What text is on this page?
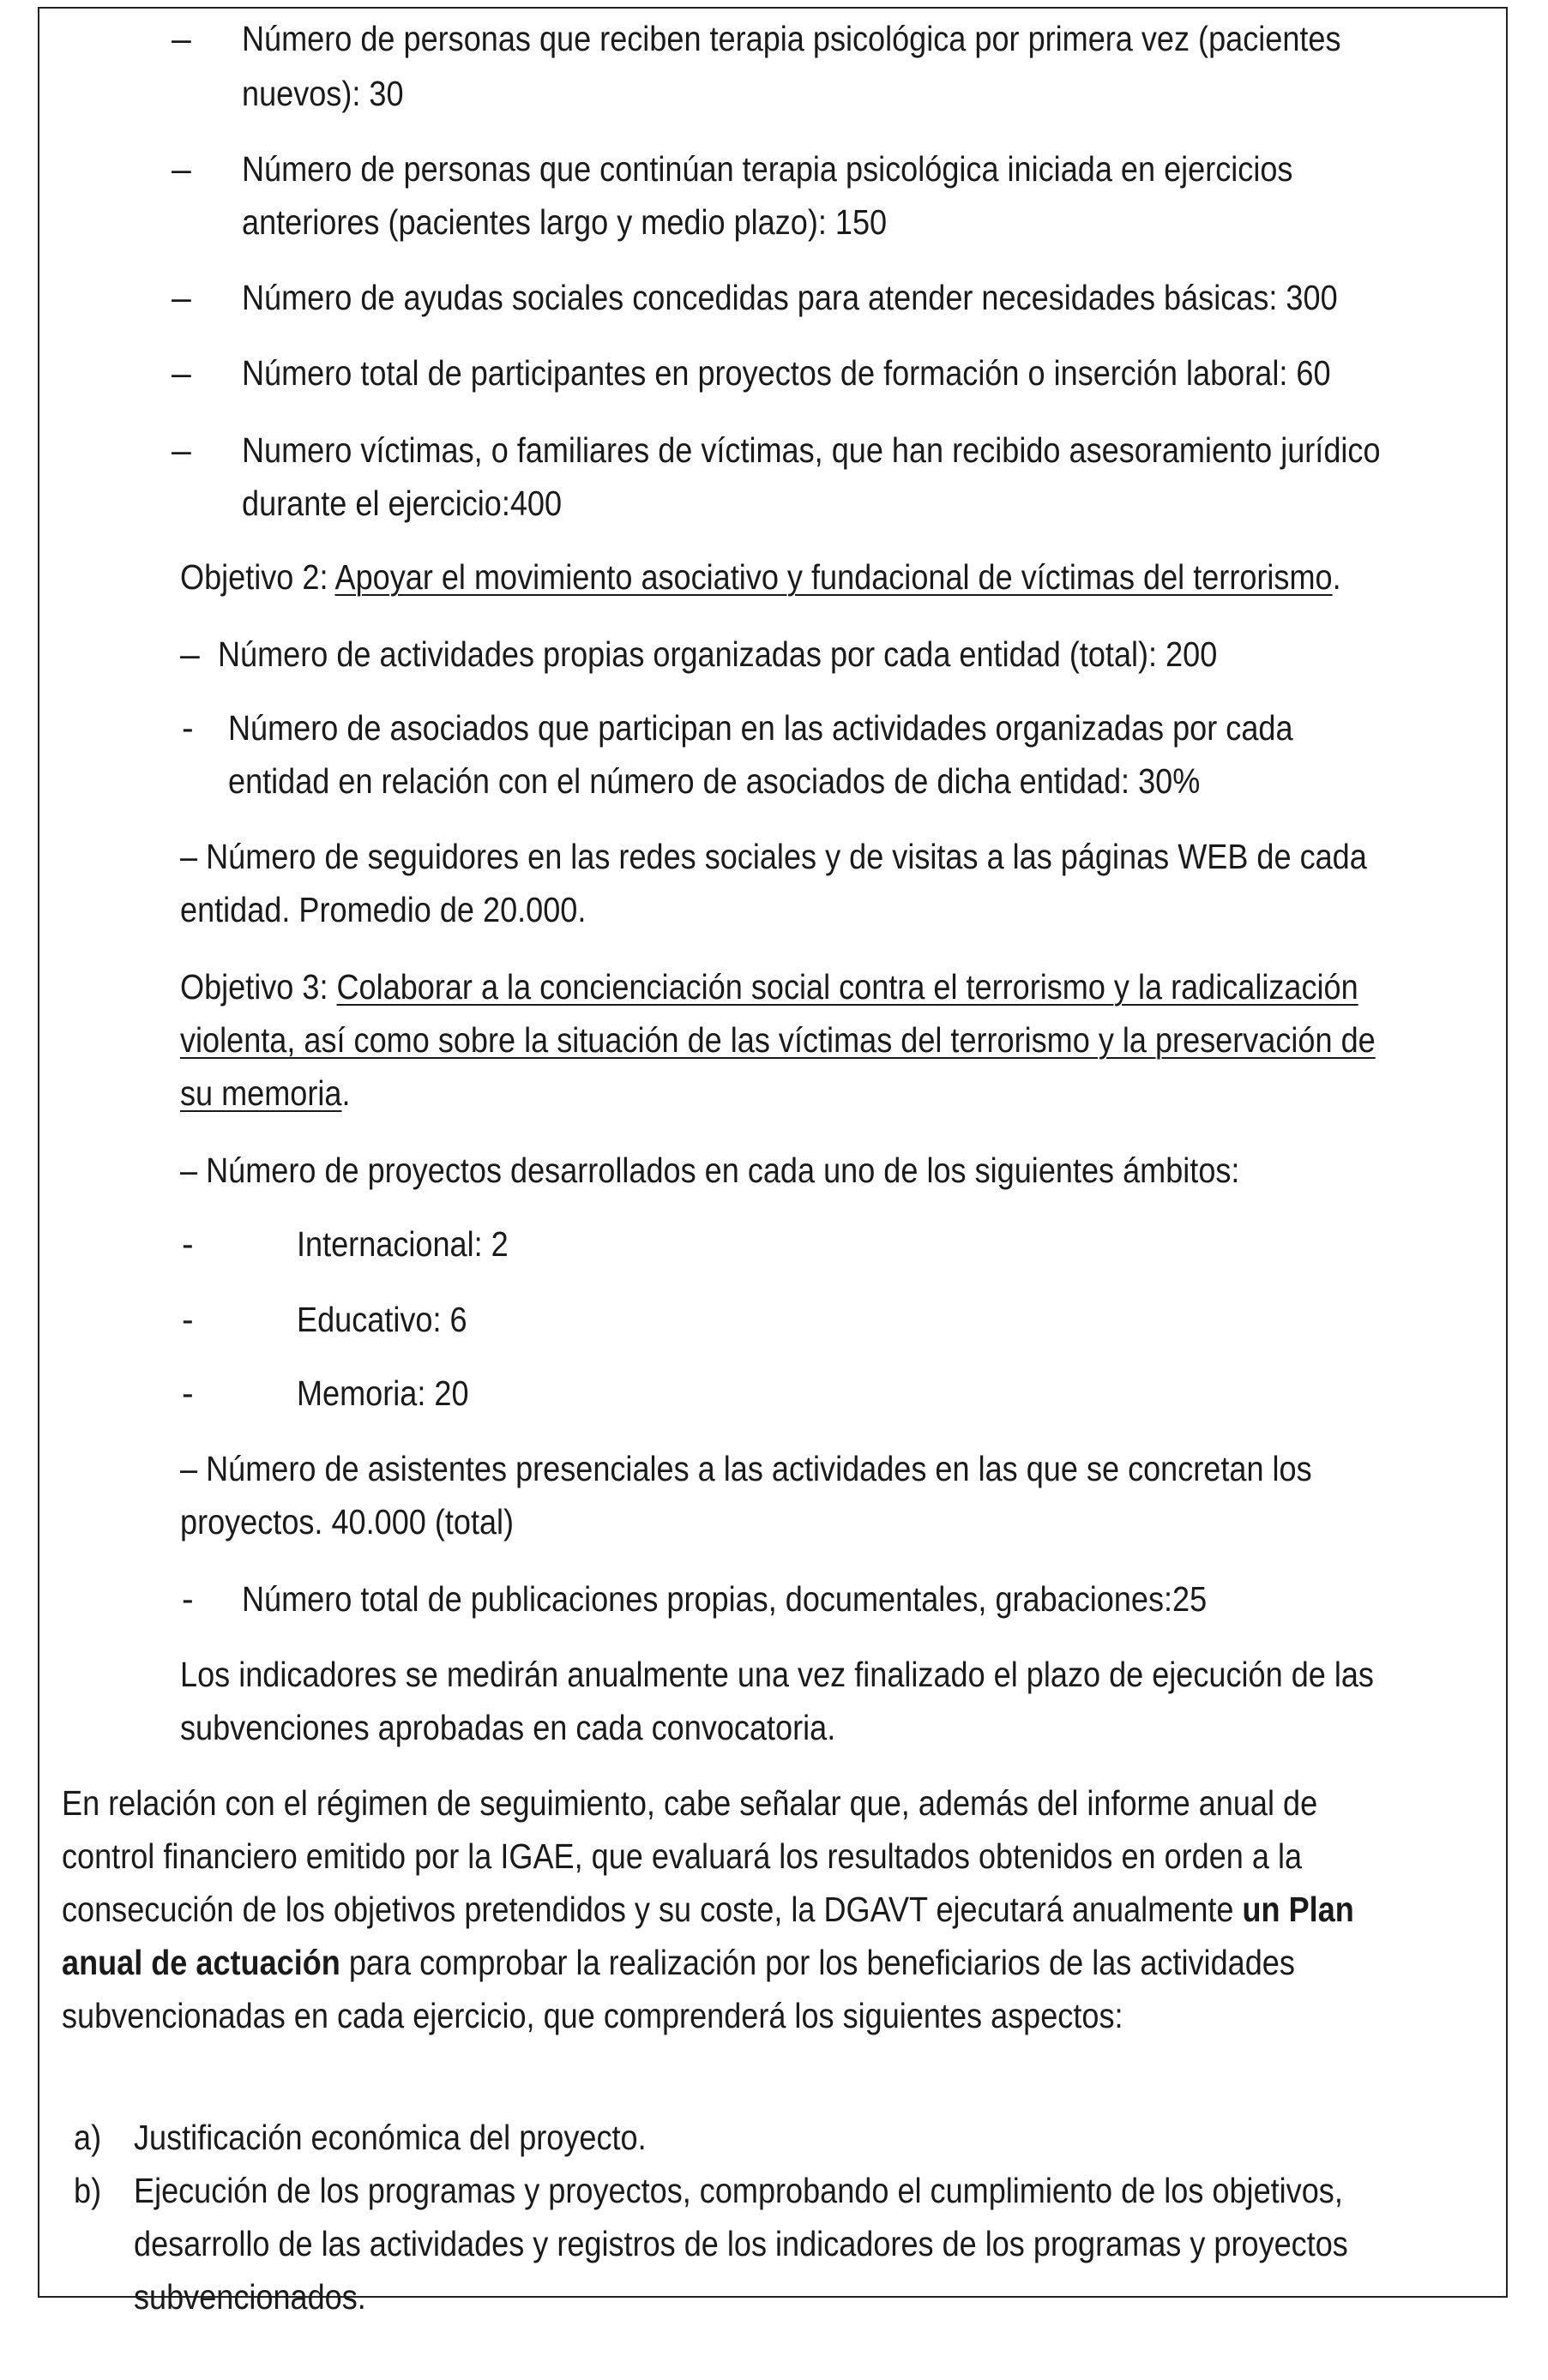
– Número de personas que reciben terapia psicológica por primera vez (pacientes
nuevos): 30
– Número de personas que continúan terapia psicológica iniciada en ejercicios
anteriores (pacientes largo y medio plazo): 150
– Número de ayudas sociales concedidas para atender necesidades básicas: 300
– Número total de participantes en proyectos de formación o inserción laboral: 60
– Numero víctimas, o familiares de víctimas, que han recibido asesoramiento jurídico
durante el ejercicio:400
Objetivo 2: Apoyar el movimiento asociativo y fundacional de víctimas del terrorismo.
– Número de actividades propias organizadas por cada entidad (total): 200
- Número de asociados que participan en las actividades organizadas por cada
entidad en relación con el número de asociados de dicha entidad: 30%
– Número de seguidores en las redes sociales y de visitas a las páginas WEB de cada
entidad. Promedio de 20.000.
Objetivo 3: Colaborar a la concienciación social contra el terrorismo y la radicalización
violenta, así como sobre la situación de las víctimas del terrorismo y la preservación de
su memoria.
– Número de proyectos desarrollados en cada uno de los siguientes ámbitos:
-	Internacional: 2
-	Educativo: 6
-	Memoria: 20
– Número de asistentes presenciales a las actividades en las que se concretan los
proyectos. 40.000 (total)
- Número total de publicaciones propias, documentales, grabaciones:25
Los indicadores se medirán anualmente una vez finalizado el plazo de ejecución de las
subvenciones aprobadas en cada convocatoria.
En relación con el régimen de seguimiento, cabe señalar que, además del informe anual de
control financiero emitido por la IGAE, que evaluará los resultados obtenidos en orden a la
consecución de los objetivos pretendidos y su coste, la DGAVT ejecutará anualmente un Plan
anual de actuación para comprobar la realización por los beneficiarios de las actividades
subvencionadas en cada ejercicio, que comprenderá los siguientes aspectos:
a) Justificación económica del proyecto.
b) Ejecución de los programas y proyectos, comprobando el cumplimiento de los objetivos,
desarrollo de las actividades y registros de los indicadores de los programas y proyectos
subvencionados.
